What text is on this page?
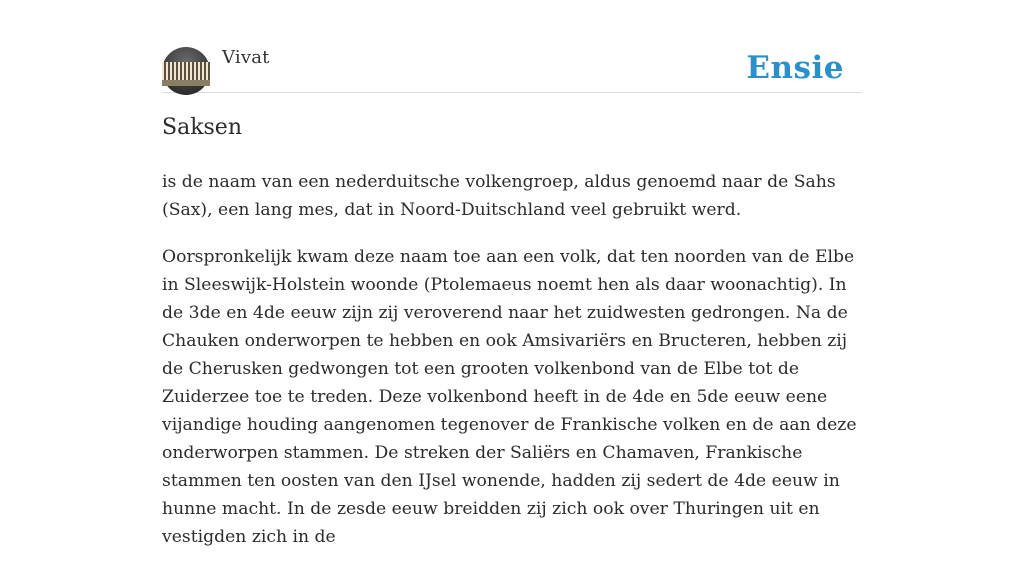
Vivat	Ensie
Saksen

is de naam van een nederduitsche volkengroep, aldus genoemd naar de Sahs (Sax), een lang mes, dat in Noord-Duitschland veel gebruikt werd.

Oorspronkelijk kwam deze naam toe aan een volk, dat ten noorden van de Elbe in Sleeswijk-Holstein woonde (Ptolemaeus noemt hen als daar woonachtig). In de 3de en 4de eeuw zijn zij veroverend naar het zuidwesten gedrongen. Na de Chauken onderworpen te hebben en ook Amsivariërs en Bructeren, hebben zij de Cherusken gedwongen tot een grooten volkenbond van de Elbe tot de Zuiderzee toe te treden. Deze volkenbond heeft in de 4de en 5de eeuw eene vijandige houding aangenomen tegenover de Frankische volken en de aan deze onderworpen stammen. De streken der Saliërs en Chamaven, Frankische stammen ten oosten van den IJsel wonende, hadden zij sedert de 4de eeuw in hunne macht. In de zesde eeuw breidden zij zich ook over Thuringen uit en vestigden zich in de
